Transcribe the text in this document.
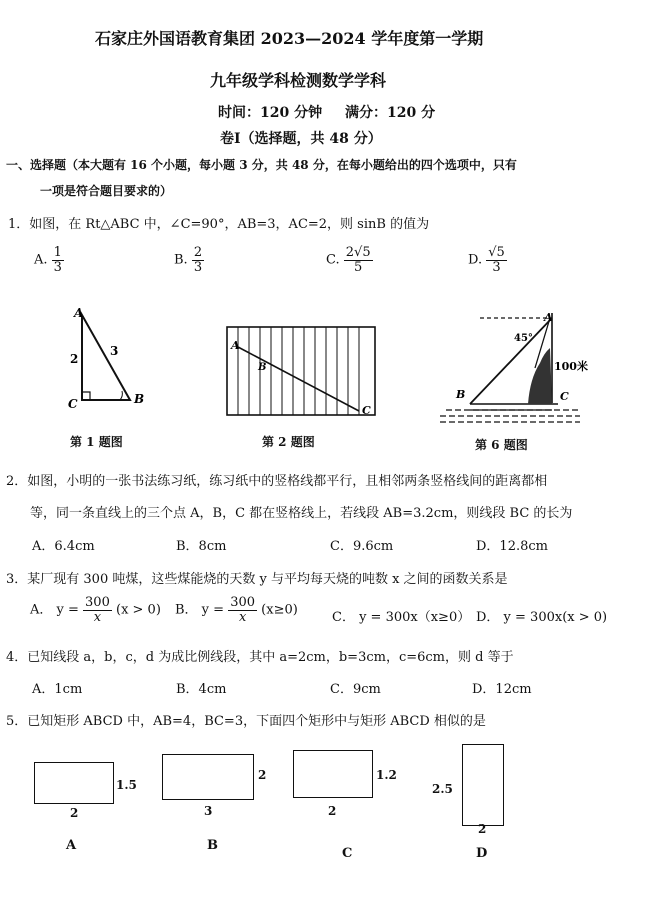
石家庄外国语教育集团 2023—2024 学年度第一学期
九年级学科检测数学学科
时间：120 分钟 满分：120 分
卷Ⅰ（选择题，共 48 分）
一、选择题（本大题有 16 个小题，每小题 3 分，共 48 分，在每小题给出的四个选项中，只有
一项是符合题目要求的）
1．如图，在 Rt△ABC 中，∠C=90°，AB=3，AC=2，则 sinB 的值为
A. $\frac{1}{3}$	B. $\frac{2}{3}$	C. $\frac{2√5}{5}$	D. $\frac{√5}{3}$
A
B
C
2
3
第 1 题图
A
B
C
第 2 题图
A
B	C
45°
100米
第 6 题图
2．如图，小明的一张书法练习纸，练习纸中的竖格线都平行，且相邻两条竖格线间的距离都相
等，同一条直线上的三个点 A，B，C 都在竖格线上，若线段 AB=3.2cm，则线段 BC 的长为
A．6.4cm	B．8cm	C．9.6cm	D．12.8cm
3．某厂现有 300 吨煤，这些煤能烧的天数 y 与平均每天烧的吨数 x 之间的函数关系是
A． $y = \frac{300}{x} (x > 0)$ B． $y = \frac{300}{x} (x\ge 0)$	C． y = 300x（x≥0） D． y = 300x(x > 0)
4．已知线段 a，b，c，d 为成比例线段，其中 a=2cm，b=3cm，c=6cm，则 d 等于
A．1cm	B．4cm	C．9cm	D．12cm
5．已知矩形 ABCD 中，AB=4，BC=3，下面四个矩形中与矩形 ABCD 相似的是
1.5
2
A
2
3
B
1.2
2
C
2.5
2
D
